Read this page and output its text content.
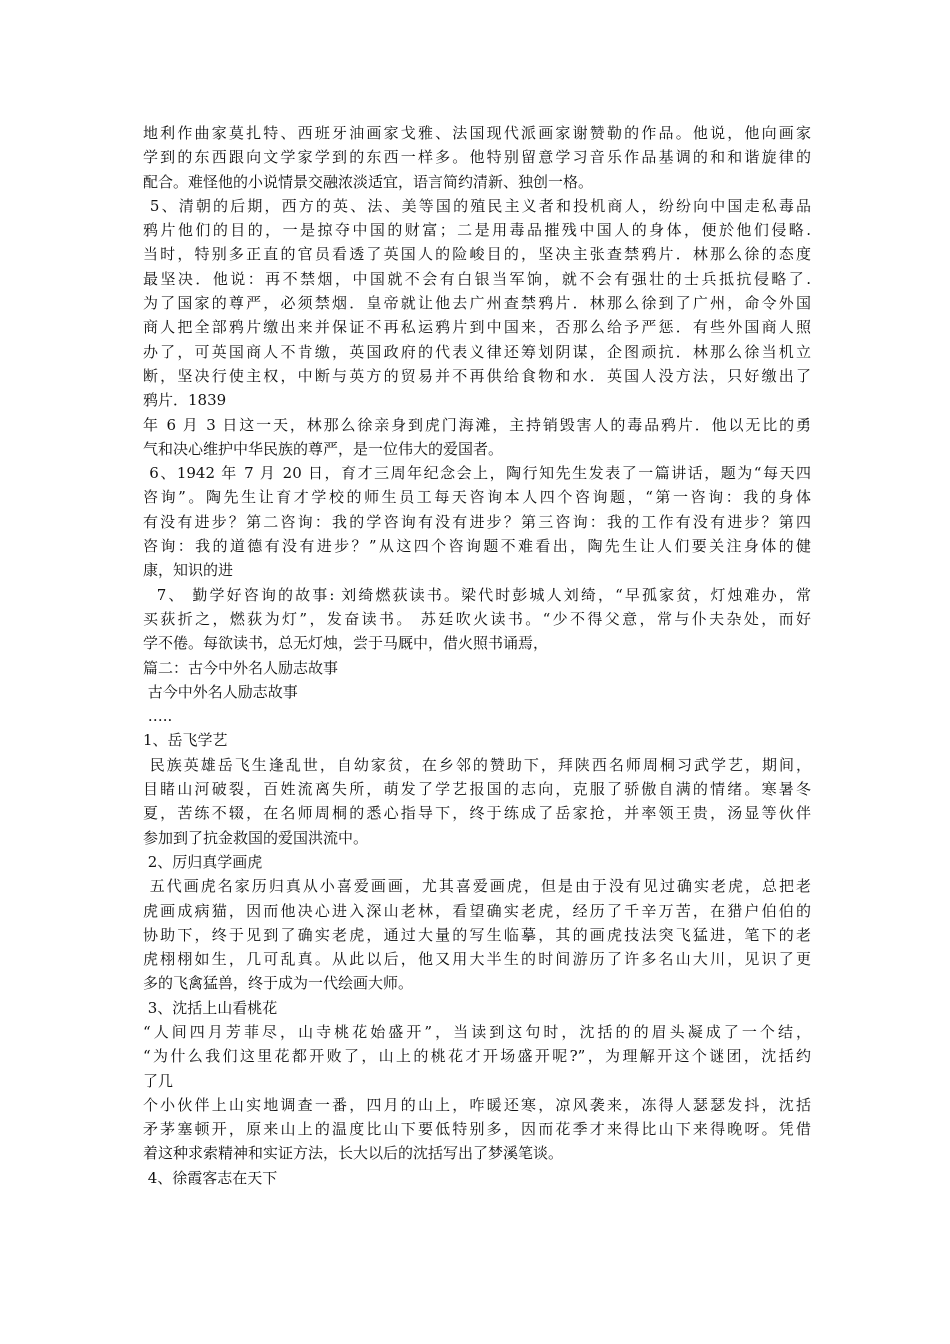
地利作曲家莫扎特、西班牙油画家戈雅、法国现代派画家谢赞勒的作品。他说，他向画家
学到的东西跟向文学家学到的东西一样多。他特别留意学习音乐作品基调的和和谐旋律的
配合。难怪他的小说情景交融浓淡适宜，语言简约清新、独创一格。
5、清朝的后期，西方的英、法、美等国的殖民主义者和投机商人，纷纷向中国走私毒品
鸦片他们的目的，一是掠夺中国的财富；二是用毒品摧残中国人的身体，便於他们侵略.
当时，特别多正直的官员看透了英国人的险峻目的，坚决主张查禁鸦片．林那么徐的态度
最坚决．他说：再不禁烟，中国就不会有白银当军饷，就不会有强壮的士兵抵抗侵略了.
为了国家的尊严，必须禁烟．皇帝就让他去广州查禁鸦片．林那么徐到了广州，命令外国
商人把全部鸦片缴出来并保证不再私运鸦片到中国来，否那么给予严惩．有些外国商人照
办了，可英国商人不肯缴，英国政府的代表义律还筹划阴谋，企图顽抗．林那么徐当机立
断，坚决行使主权，中断与英方的贸易并不再供给食物和水．英国人没方法，只好缴出了
鸦片．1839
年 6 月 3 日这一天，林那么徐亲身到虎门海滩，主持销毁害人的毒品鸦片．他以无比的勇
气和决心维护中华民族的尊严，是一位伟大的爱国者。
6、1942 年 7 月 20 日，育才三周年纪念会上，陶行知先生发表了一篇讲话，题为“每天四
咨询”。陶先生让育才学校的师生员工每天咨询本人四个咨询题，“第一咨询：我的身体
有没有进步？第二咨询：我的学咨询有没有进步？第三咨询：我的工作有没有进步？第四
咨询：我的道德有没有进步？”从这四个咨询题不难看出，陶先生让人们要关注身体的健
康，知识的进
7、 勤学好咨询的故事: 刘绮燃荻读书。梁代时彭城人刘绮，“早孤家贫，灯烛难办，常
买荻折之，燃荻为灯”，发奋读书。 苏廷吹火读书。“少不得父意，常与仆夫杂处，而好
学不倦。每欲读书，总无灯烛，尝于马厩中，借火照书诵焉，
篇二：古今中外名人励志故事
古今中外名人励志故事
…..
1、岳飞学艺
民族英雄岳飞生逢乱世，自幼家贫，在乡邻的赞助下，拜陕西名师周桐习武学艺，期间，
目睹山河破裂，百姓流离失所，萌发了学艺报国的志向，克服了骄傲自满的情绪。寒暑冬
夏，苦练不辍，在名师周桐的悉心指导下，终于练成了岳家抢，并率领王贵，汤显等伙伴
参加到了抗金救国的爱国洪流中。
2、厉归真学画虎
五代画虎名家历归真从小喜爱画画，尤其喜爱画虎，但是由于没有见过确实老虎，总把老
虎画成病猫，因而他决心进入深山老林，看望确实老虎，经历了千辛万苦，在猎户伯伯的
协助下，终于见到了确实老虎，通过大量的写生临摹，其的画虎技法突飞猛进，笔下的老
虎栩栩如生，几可乱真。从此以后，他又用大半生的时间游历了许多名山大川，见识了更
多的飞禽猛兽，终于成为一代绘画大师。
3、沈括上山看桃花
“人间四月芳菲尽，山寺桃花始盛开”，当读到这句时，沈括的的眉头凝成了一个结，
“为什么我们这里花都开败了，山上的桃花才开场盛开呢?”，为理解开这个谜团，沈括约
了几
个小伙伴上山实地调查一番，四月的山上，咋暖还寒，凉风袭来，冻得人瑟瑟发抖，沈括
矛茅塞顿开，原来山上的温度比山下要低特别多，因而花季才来得比山下来得晚呀。凭借
着这种求索精神和实证方法，长大以后的沈括写出了梦溪笔谈。
4、徐霞客志在天下
